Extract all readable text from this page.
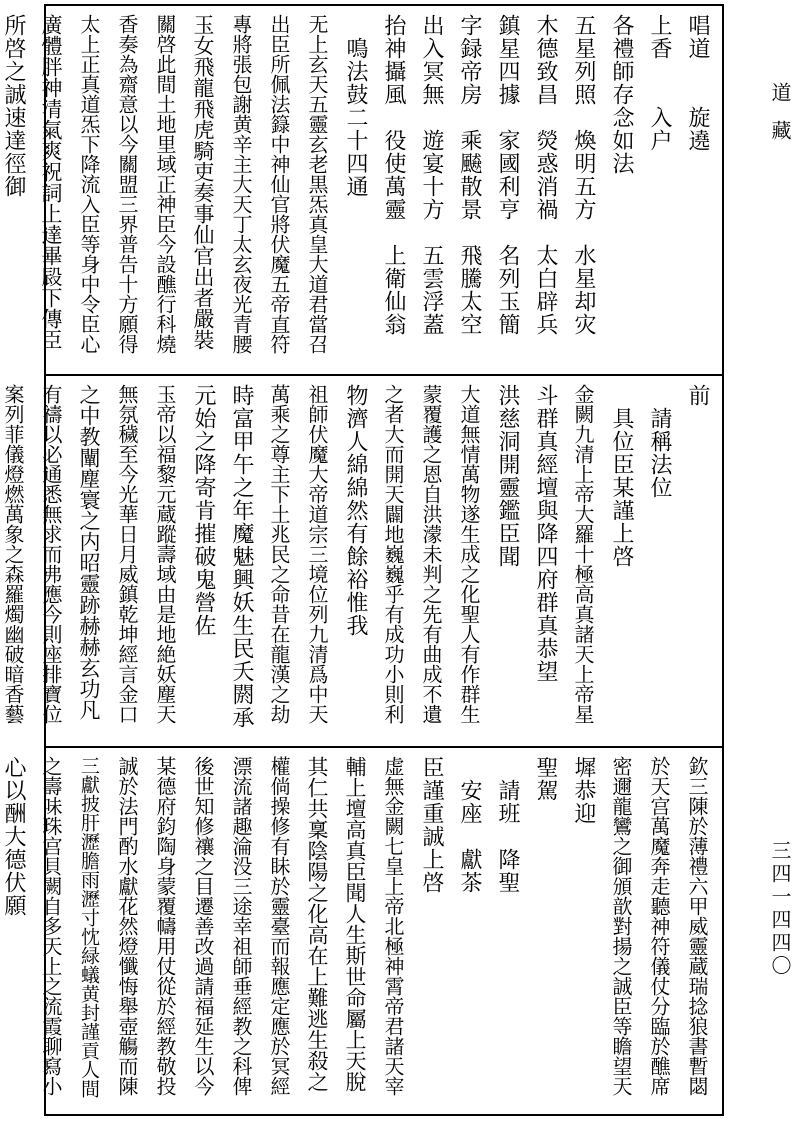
道藏
三四一四四〇
唱道　　旋遶
上香　　入户
各禮師存念如法
五星列照　煥明五方　水星却灾
木德致昌　熒惑消禍　太白辟兵
鎮星四據　家國利亨　名列玉簡
字録帝房　乘飇散景　飛騰太空
出入冥無　遊宴十方　五雲浮蓋
抬神攝風　役使萬靈　上衛仙翁
　鳴法鼓二十四通
无上玄天五靈玄老黒炁真皇大道君當召
出臣所佩法籙中神仙官將伏魔五帝直符
專將張包謝黄辛主大天丁太玄夜光青腰
玉女飛龍飛虎騎吏奏事仙官出者嚴裝
關啓此間土地里域正神臣今設醮行科燒
香奏為齋意以今關盟三界普告十方願得
太上正真道炁下降流入臣等身中令臣心
廣體胖神清氣爽祝詞上達畢㲀下傳臣
所啓之誠速達徑御
前
　請稱法位
　具位臣某謹上啓
金闕九清上帝大羅十極高真諸天上帝星
斗群真經壇與降四府群真恭望
洪慈洞開靈鑑臣聞
大道無情萬物遂生成之化聖人有作群生
蒙覆護之恩自洪濛未判之先有曲成不遺
之者大而開天闢地巍巍乎有成功小則利
物濟人綿綿然有餘裕惟我
祖師伏魔大帝道宗三境位列九清爲中天
萬乘之尊主下土兆民之命昔在龍漢之劫
時富甲午之年魔魅興妖生民夭閼承
元始之降寄肯摧破鬼營佐
玉帝以福黎元蔵蹤壽域由是地絶妖塵天
無氛穢至今光華日月威鎮乾坤經言金口
之中教闡塵寰之内昭靈跡赫赫玄功凡
有禱以必通悉無求而弗應今則座排寶位
案列菲儀燈燃萬象之森羅燭幽破暗香藝
欽三陳於薄禮六甲威靈蔵瑞捻狼書暫閟
於天宫萬魔奔走聽神符儀仗分臨於醮席
密邇龍鸞之御頒歆對揚之誠臣等瞻望天
墀恭迎
聖駕
　請班　降聖
　安座　獻茶
臣謹重誠上啓
虚無金闕七皇上帝北極神霄帝君諸天宰
輔上壇高真臣聞人生斯世命屬上天脫
其仁共稟陰陽之化高在上難逃生殺之
權倘操修有眛於靈臺而報應定應於冥經
漂流諸趣淪没三途幸祖師垂經教之科俾
後世知修禳之目遷善改過請福延生以今
某德府鈞陶身蒙覆幬用仗從於經教敬投
誠於法門酌水獻花然燈懺悔舉壺觴而陳
三獻披肝瀝膽雨瀝寸忱緑蟻黄封謹貢人間
之壽味珠宫貝闕自多天上之流霞聊寫小
心以酬大德伏願
